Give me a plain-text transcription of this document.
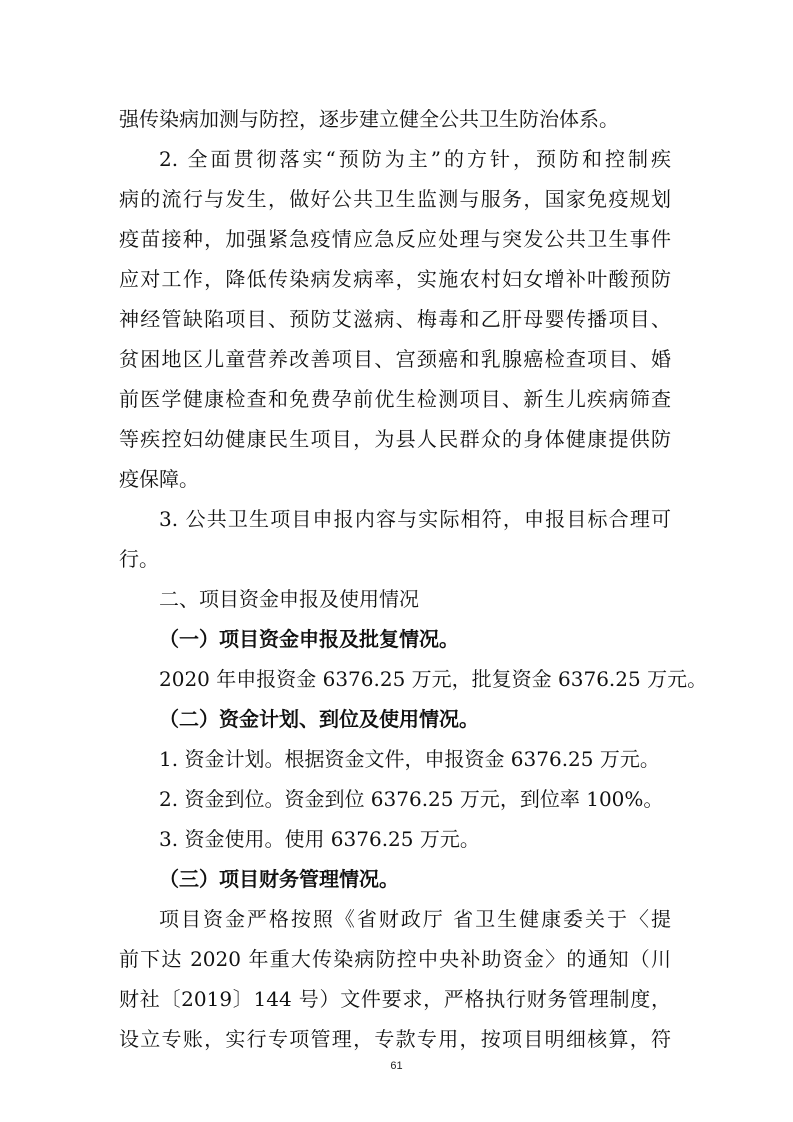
强传染病加测与防控，逐步建立健全公共卫生防治体系。
2. 全面贯彻落实“预防为主”的方针，预防和控制疾
病的流行与发生，做好公共卫生监测与服务，国家免疫规划
疫苗接种，加强紧急疫情应急反应处理与突发公共卫生事件
应对工作，降低传染病发病率，实施农村妇女增补叶酸预防
神经管缺陷项目、预防艾滋病、梅毒和乙肝母婴传播项目、
贫困地区儿童营养改善项目、宫颈癌和乳腺癌检查项目、婚
前医学健康检查和免费孕前优生检测项目、新生儿疾病筛查
等疾控妇幼健康民生项目，为县人民群众的身体健康提供防
疫保障。
3. 公共卫生项目申报内容与实际相符，申报目标合理可
行。
二、项目资金申报及使用情况
（一）项目资金申报及批复情况。
2020 年申报资金 6376.25 万元，批复资金 6376.25 万元。
（二）资金计划、到位及使用情况。
1. 资金计划。根据资金文件，申报资金 6376.25 万元。
2. 资金到位。资金到位 6376.25 万元，到位率 100%。
3. 资金使用。使用 6376.25 万元。
（三）项目财务管理情况。
项目资金严格按照《省财政厅 省卫生健康委关于〈提
前下达 2020 年重大传染病防控中央补助资金〉的通知（川
财社〔2019〕144 号）文件要求，严格执行财务管理制度，
设立专账，实行专项管理，专款专用，按项目明细核算，符
61
